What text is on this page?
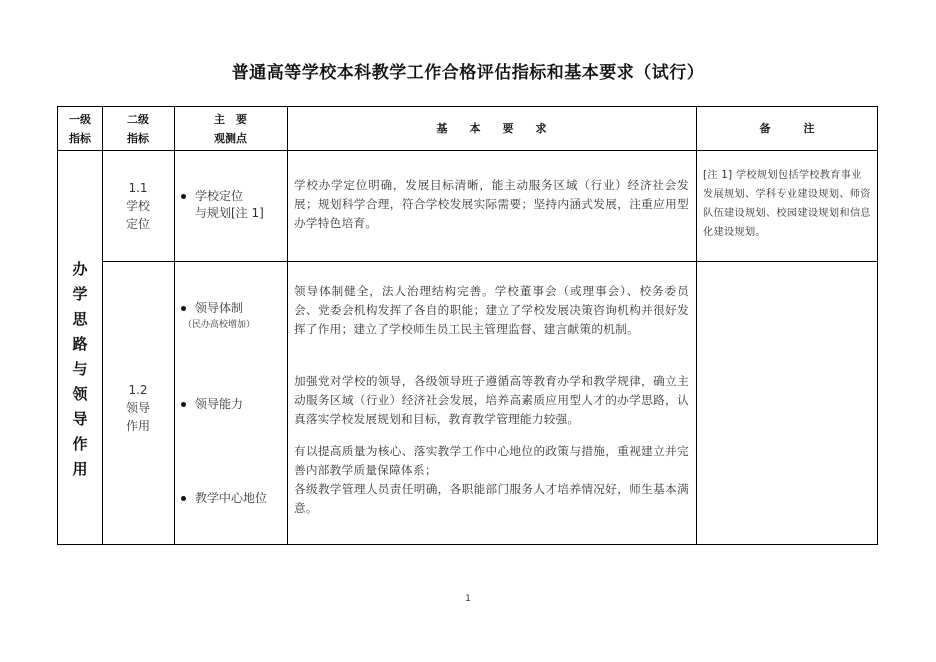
普通高等学校本科教学工作合格评估指标和基本要求（试行）
一级
指标
二级
指标
主　要
观测点
基　　本　　要　　求	备　　　注
办
学
思
路
与
领
导
作
用
1.1
学校
定位
学校定位
与规划[注 1]
学校办学定位明确，发展目标清晰，能主动服务区域（行业）经济社会发展；规划科学合理，符合学校发展实际需要；坚持内涵式发展，注重应用型办学特色培育。
[注 1] 学校规划包括学校教育事业发展规划、学科专业建设规划、师资队伍建设规划、校园建设规划和信息化建设规划。
1.2
领导
作用
领导体制
（民办高校增加）
领导能力
教学中心地位
领导体制健全，法人治理结构完善。学校董事会（或理事会）、校务委员会、党委会机构发挥了各自的职能；建立了学校发展决策咨询机构并很好发挥了作用；建立了学校师生员工民主管理监督、建言献策的机制。
加强党对学校的领导，各级领导班子遵循高等教育办学和教学规律，确立主动服务区域（行业）经济社会发展，培养高素质应用型人才的办学思路，认真落实学校发展规划和目标，教育教学管理能力较强。
有以提高质量为核心、落实教学工作中心地位的政策与措施，重视建立并完善内部教学质量保障体系；
各级教学管理人员责任明确，各职能部门服务人才培养情况好，师生基本满意。
1
